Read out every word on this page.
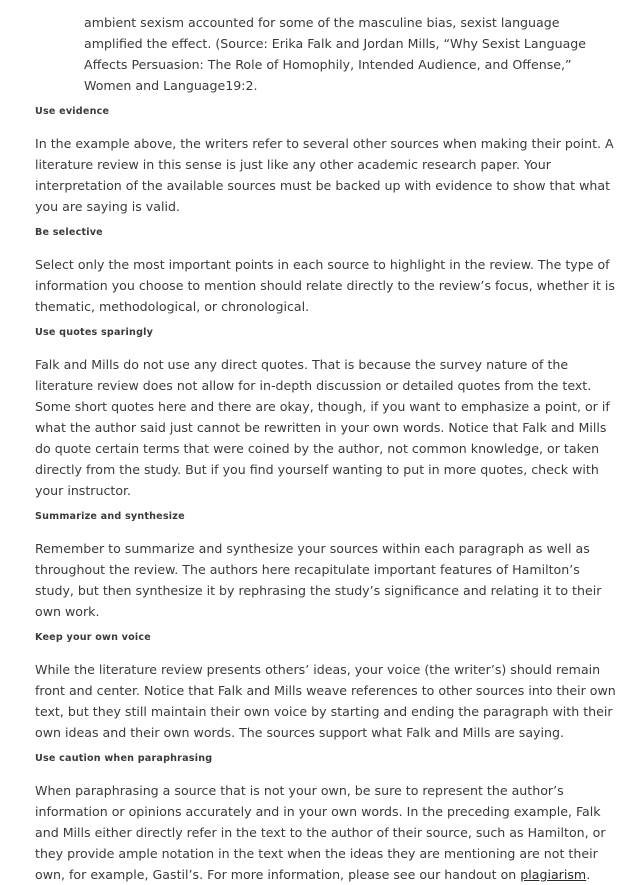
ambient sexism accounted for some of the masculine bias, sexist language amplified the effect. (Source: Erika Falk and Jordan Mills, “Why Sexist Language Affects Persuasion: The Role of Homophily, Intended Audience, and Offense,” Women and Language19:2.

Use evidence

In the example above, the writers refer to several other sources when making their point. A literature review in this sense is just like any other academic research paper. Your interpretation of the available sources must be backed up with evidence to show that what you are saying is valid.

Be selective

Select only the most important points in each source to highlight in the review. The type of information you choose to mention should relate directly to the review’s focus, whether it is thematic, methodological, or chronological.

Use quotes sparingly

Falk and Mills do not use any direct quotes. That is because the survey nature of the literature review does not allow for in-depth discussion or detailed quotes from the text. Some short quotes here and there are okay, though, if you want to emphasize a point, or if what the author said just cannot be rewritten in your own words. Notice that Falk and Mills do quote certain terms that were coined by the author, not common knowledge, or taken directly from the study. But if you find yourself wanting to put in more quotes, check with your instructor.

Summarize and synthesize

Remember to summarize and synthesize your sources within each paragraph as well as throughout the review. The authors here recapitulate important features of Hamilton’s study, but then synthesize it by rephrasing the study’s significance and relating it to their own work.

Keep your own voice

While the literature review presents others’ ideas, your voice (the writer’s) should remain front and center. Notice that Falk and Mills weave references to other sources into their own text, but they still maintain their own voice by starting and ending the paragraph with their own ideas and their own words. The sources support what Falk and Mills are saying.

Use caution when paraphrasing

When paraphrasing a source that is not your own, be sure to represent the author’s information or opinions accurately and in your own words. In the preceding example, Falk and Mills either directly refer in the text to the author of their source, such as Hamilton, or they provide ample notation in the text when the ideas they are mentioning are not their own, for example, Gastil’s. For more information, please see our handout on plagiarism.
